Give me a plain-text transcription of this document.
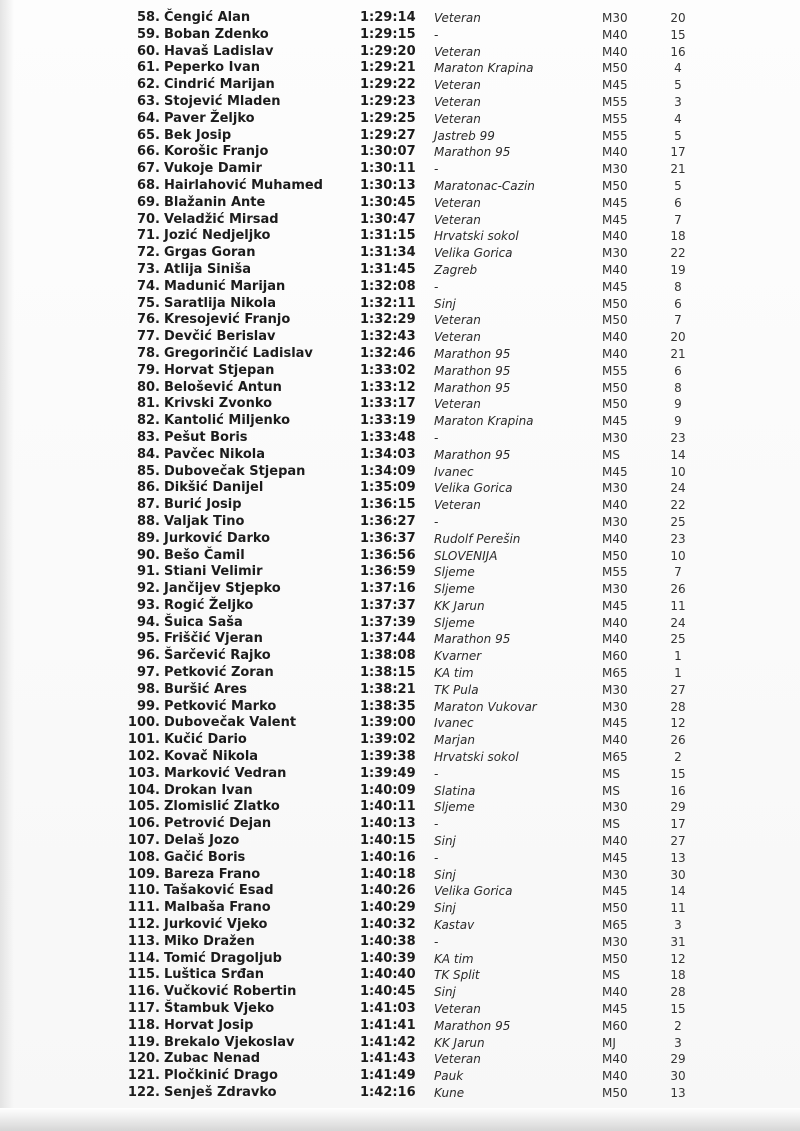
58.	Čengić Alan	1:29:14	Veteran	M30	20
59.	Boban Zdenko	1:29:15	-	M40	15
60.	Havaš Ladislav	1:29:20	Veteran	M40	16
61.	Peperko Ivan	1:29:21	Maraton Krapina	M50	4
62.	Cindrić Marijan	1:29:22	Veteran	M45	5
63.	Stojević Mladen	1:29:23	Veteran	M55	3
64.	Paver Željko	1:29:25	Veteran	M55	4
65.	Bek Josip	1:29:27	Jastreb 99	M55	5
66.	Korošic Franjo	1:30:07	Marathon 95	M40	17
67.	Vukoje Damir	1:30:11	-	M30	21
68.	Hairlahović Muhamed	1:30:13	Maratonac-Cazin	M50	5
69.	Blažanin Ante	1:30:45	Veteran	M45	6
70.	Veladžić Mirsad	1:30:47	Veteran	M45	7
71.	Jozić Nedjeljko	1:31:15	Hrvatski sokol	M40	18
72.	Grgas Goran	1:31:34	Velika Gorica	M30	22
73.	Atlija Siniša	1:31:45	Zagreb	M40	19
74.	Madunić Marijan	1:32:08	-	M45	8
75.	Saratlija Nikola	1:32:11	Sinj	M50	6
76.	Kresojević Franjo	1:32:29	Veteran	M50	7
77.	Devčić Berislav	1:32:43	Veteran	M40	20
78.	Gregorinčić Ladislav	1:32:46	Marathon 95	M40	21
79.	Horvat Stjepan	1:33:02	Marathon 95	M55	6
80.	Belošević Antun	1:33:12	Marathon 95	M50	8
81.	Krivski Zvonko	1:33:17	Veteran	M50	9
82.	Kantolić Miljenko	1:33:19	Maraton Krapina	M45	9
83.	Pešut Boris	1:33:48	-	M30	23
84.	Pavčec Nikola	1:34:03	Marathon 95	MS	14
85.	Dubovečak Stjepan	1:34:09	Ivanec	M45	10
86.	Dikšić Danijel	1:35:09	Velika Gorica	M30	24
87.	Burić Josip	1:36:15	Veteran	M40	22
88.	Valjak Tino	1:36:27	-	M30	25
89.	Jurković Darko	1:36:37	Rudolf Perešin	M40	23
90.	Bešo Čamil	1:36:56	SLOVENIJA	M50	10
91.	Stiani Velimir	1:36:59	Sljeme	M55	7
92.	Jančijev Stjepko	1:37:16	Sljeme	M30	26
93.	Rogić Željko	1:37:37	KK Jarun	M45	11
94.	Šuica Saša	1:37:39	Sljeme	M40	24
95.	Friščić Vjeran	1:37:44	Marathon 95	M40	25
96.	Šarčević Rajko	1:38:08	Kvarner	M60	1
97.	Petković Zoran	1:38:15	KA tim	M65	1
98.	Buršić Ares	1:38:21	TK Pula	M30	27
99.	Petković Marko	1:38:35	Maraton Vukovar	M30	28
100.	Dubovečak Valent	1:39:00	Ivanec	M45	12
101.	Kučić Dario	1:39:02	Marjan	M40	26
102.	Kovač Nikola	1:39:38	Hrvatski sokol	M65	2
103.	Marković Vedran	1:39:49	-	MS	15
104.	Drokan Ivan	1:40:09	Slatina	MS	16
105.	Zlomislić Zlatko	1:40:11	Sljeme	M30	29
106.	Petrović Dejan	1:40:13	-	MS	17
107.	Delaš Jozo	1:40:15	Sinj	M40	27
108.	Gačić Boris	1:40:16	-	M45	13
109.	Bareza Frano	1:40:18	Sinj	M30	30
110.	Tašaković Esad	1:40:26	Velika Gorica	M45	14
111.	Malbaša Frano	1:40:29	Sinj	M50	11
112.	Jurković Vjeko	1:40:32	Kastav	M65	3
113.	Miko Dražen	1:40:38	-	M30	31
114.	Tomić Dragoljub	1:40:39	KA tim	M50	12
115.	Luštica Srđan	1:40:40	TK Split	MS	18
116.	Vučković Robertin	1:40:45	Sinj	M40	28
117.	Štambuk Vjeko	1:41:03	Veteran	M45	15
118.	Horvat Josip	1:41:41	Marathon 95	M60	2
119.	Brekalo Vjekoslav	1:41:42	KK Jarun	MJ	3
120.	Zubac Nenad	1:41:43	Veteran	M40	29
121.	Pločkinić Drago	1:41:49	Pauk	M40	30
122.	Senješ Zdravko	1:42:16	Kune	M50	13
